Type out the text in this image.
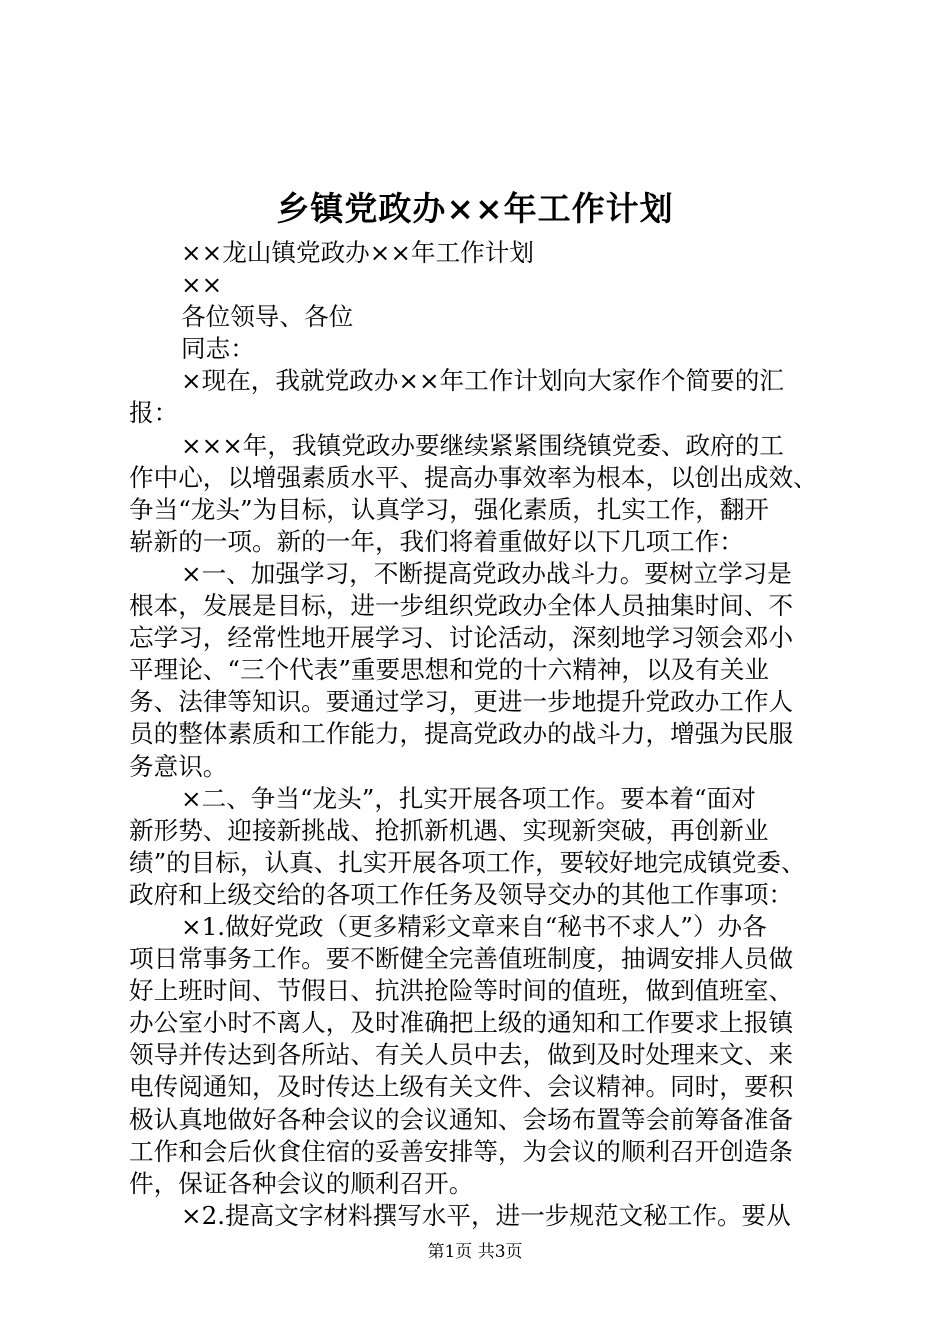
乡镇党政办××年工作计划
××龙山镇党政办××年工作计划
××
各位领导、各位
同志：
×现在，我就党政办××年工作计划向大家作个简要的汇
报：
×××年，我镇党政办要继续紧紧围绕镇党委、政府的工
作中心，以增强素质水平、提高办事效率为根本，以创出成效、
争当“龙头”为目标，认真学习，强化素质，扎实工作，翻开
崭新的一项。新的一年，我们将着重做好以下几项工作：
×一、加强学习，不断提高党政办战斗力。要树立学习是
根本，发展是目标，进一步组织党政办全体人员抽集时间、不
忘学习，经常性地开展学习、讨论活动，深刻地学习领会邓小
平理论、“三个代表”重要思想和党的十六精神，以及有关业
务、法律等知识。要通过学习，更进一步地提升党政办工作人
员的整体素质和工作能力，提高党政办的战斗力，增强为民服
务意识。
×二、争当“龙头”，扎实开展各项工作。要本着“面对
新形势、迎接新挑战、抢抓新机遇、实现新突破，再创新业
绩”的目标，认真、扎实开展各项工作，要较好地完成镇党委、
政府和上级交给的各项工作任务及领导交办的其他工作事项：
×1.做好党政（更多精彩文章来自“秘书不求人”）办各
项日常事务工作。要不断健全完善值班制度，抽调安排人员做
好上班时间、节假日、抗洪抢险等时间的值班，做到值班室、
办公室小时不离人，及时准确把上级的通知和工作要求上报镇
领导并传达到各所站、有关人员中去，做到及时处理来文、来
电传阅通知，及时传达上级有关文件、会议精神。同时，要积
极认真地做好各种会议的会议通知、会场布置等会前筹备准备
工作和会后伙食住宿的妥善安排等，为会议的顺利召开创造条
件，保证各种会议的顺利召开。
×2.提高文字材料撰写水平，进一步规范文秘工作。要从
第1页 共3页
